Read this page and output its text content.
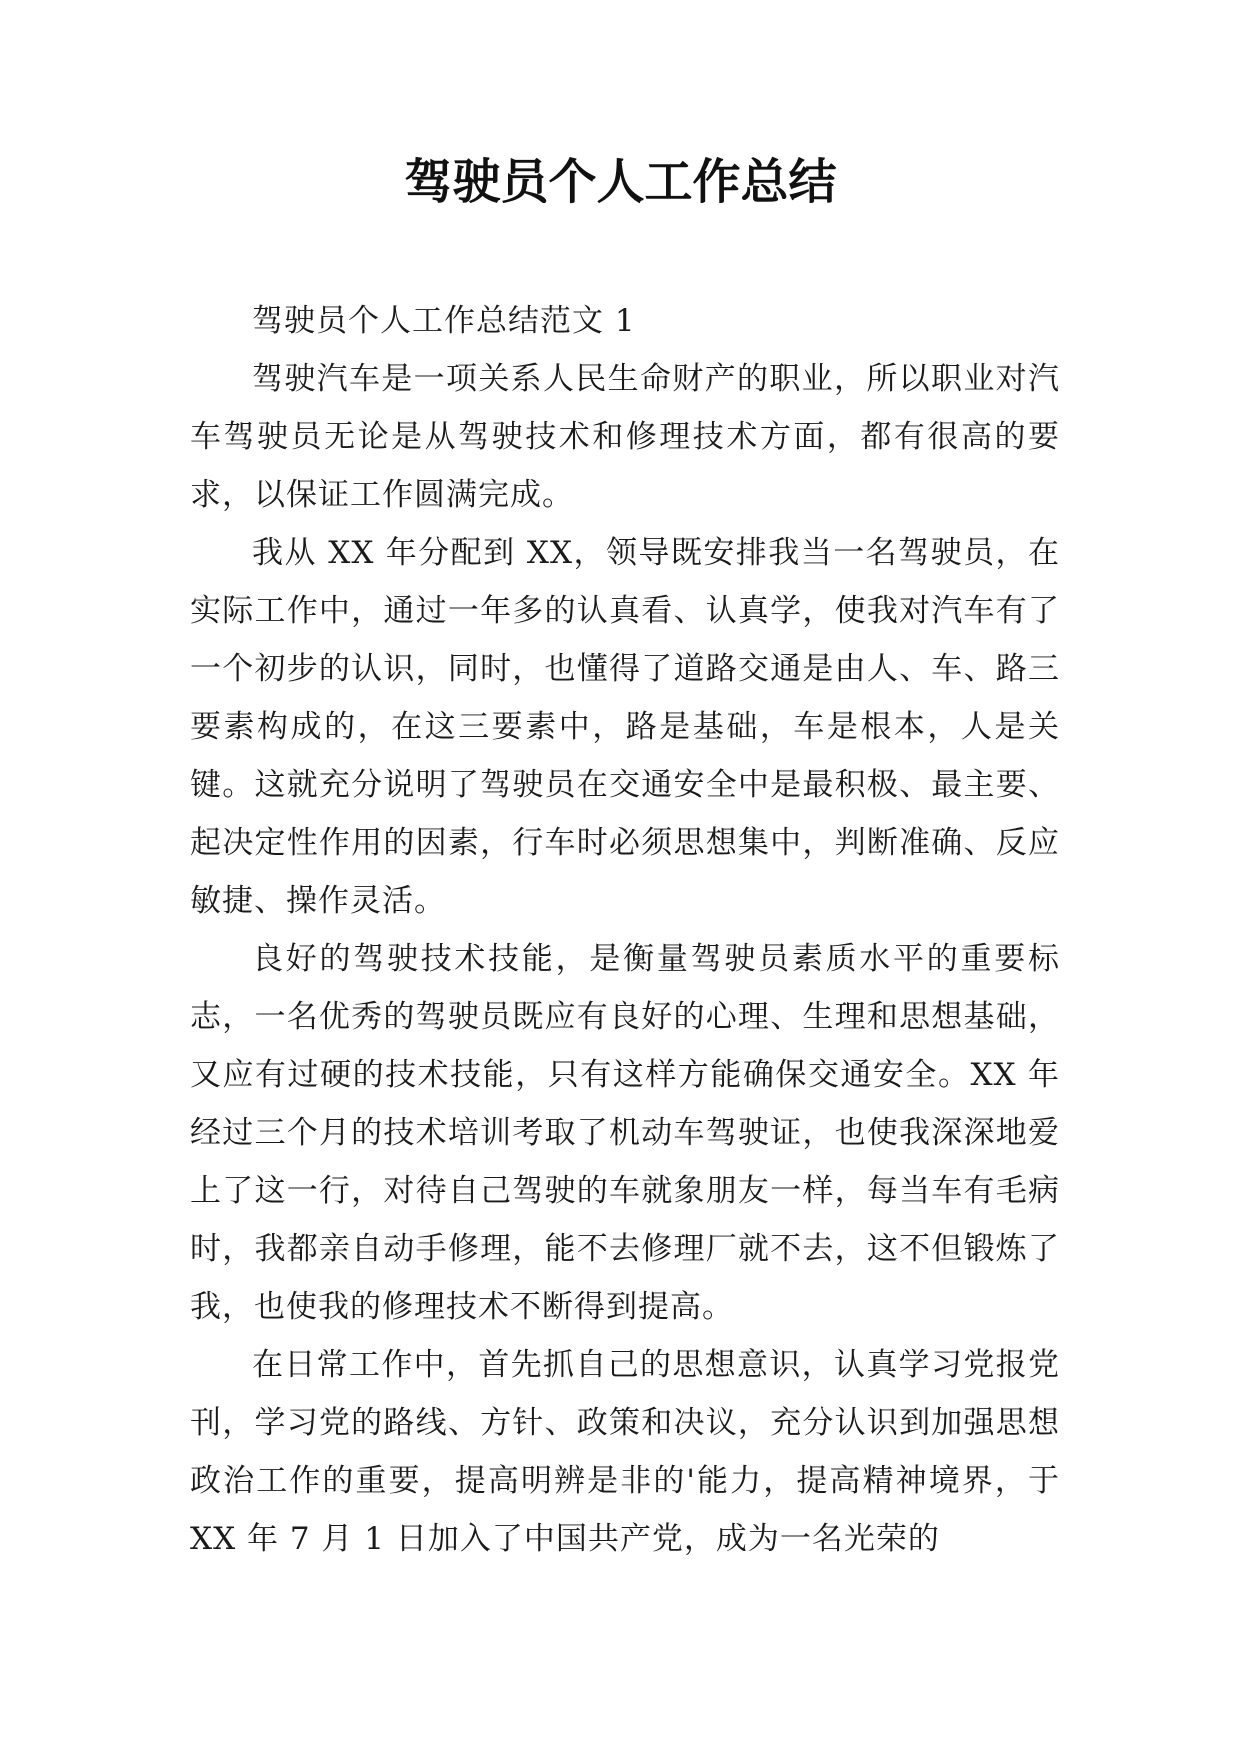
驾驶员个人工作总结

驾驶员个人工作总结范文 1

驾驶汽车是一项关系人民生命财产的职业，所以职业对汽车驾驶员无论是从驾驶技术和修理技术方面，都有很高的要求，以保证工作圆满完成。

我从 XX 年分配到 XX，领导既安排我当一名驾驶员，在实际工作中，通过一年多的认真看、认真学，使我对汽车有了一个初步的认识，同时，也懂得了道路交通是由人、车、路三要素构成的，在这三要素中，路是基础，车是根本，人是关键。这就充分说明了驾驶员在交通安全中是最积极、最主要、起决定性作用的因素，行车时必须思想集中，判断准确、反应敏捷、操作灵活。

良好的驾驶技术技能，是衡量驾驶员素质水平的重要标志，一名优秀的驾驶员既应有良好的心理、生理和思想基础，又应有过硬的技术技能，只有这样方能确保交通安全。XX 年经过三个月的技术培训考取了机动车驾驶证，也使我深深地爱上了这一行，对待自己驾驶的车就象朋友一样，每当车有毛病时，我都亲自动手修理，能不去修理厂就不去，这不但锻炼了我，也使我的修理技术不断得到提高。

在日常工作中，首先抓自己的思想意识，认真学习党报党刊，学习党的路线、方针、政策和决议，充分认识到加强思想政治工作的重要，提高明辨是非的'能力，提高精神境界，于 XX 年 7 月 1 日加入了中国共产党，成为一名光荣的
